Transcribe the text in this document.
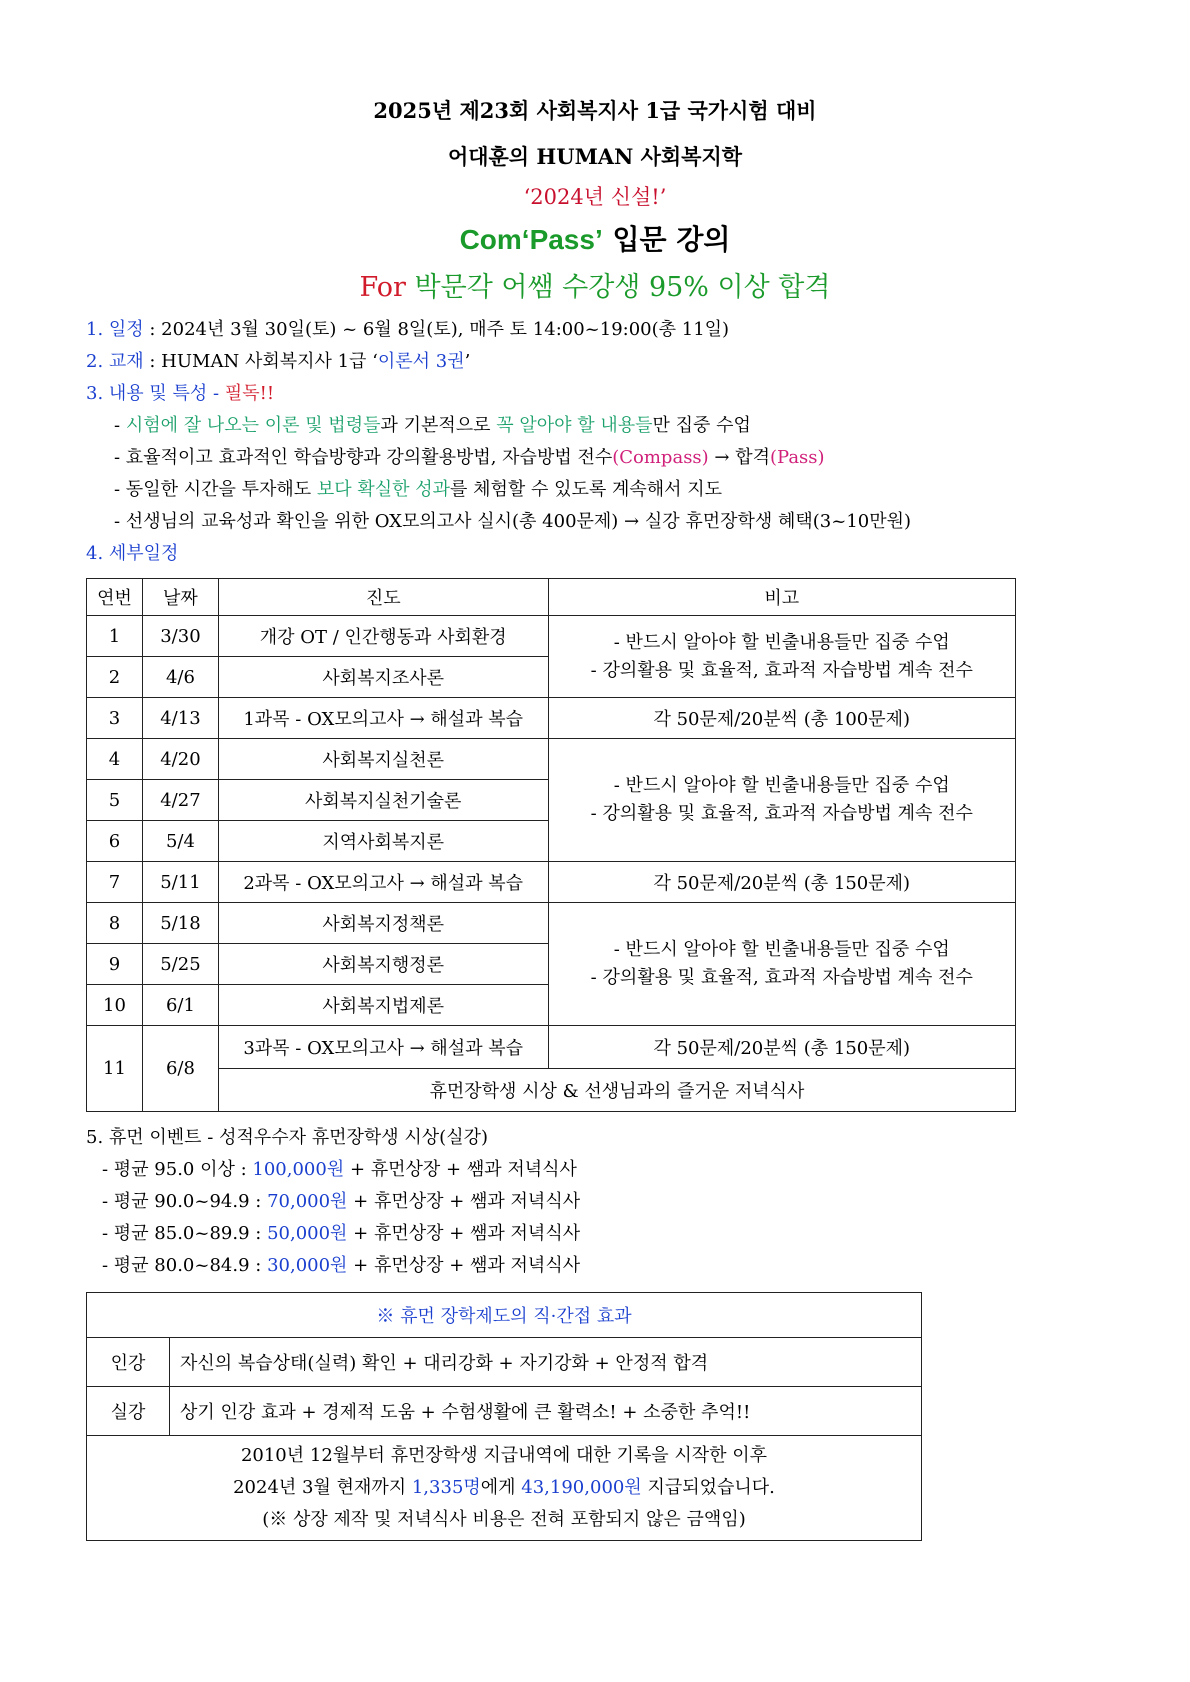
2025년 제23회 사회복지사 1급 국가시험 대비
어대훈의 HUMAN 사회복지학
‘2024년 신설!’
Com‘Pass’ 입문 강의
For 박문각 어쌤 수강생 95% 이상 합격
1. 일정 : 2024년 3월 30일(토) ~ 6월 8일(토), 매주 토 14:00~19:00(총 11일)
2. 교재 : HUMAN 사회복지사 1급 ‘이론서 3권’
3. 내용 및 특성 - 필독!!
- 시험에 잘 나오는 이론 및 법령들과 기본적으로 꼭 알아야 할 내용들만 집중 수업
- 효율적이고 효과적인 학습방향과 강의활용방법, 자습방법 전수(Compass) → 합격(Pass)
- 동일한 시간을 투자해도 보다 확실한 성과를 체험할 수 있도록 계속해서 지도
- 선생님의 교육성과 확인을 위한 OX모의고사 실시(총 400문제) → 실강 휴먼장학생 혜택(3~10만원)
4. 세부일정
연번	날짜	진도	비고
1	3/30	개강 OT / 인간행동과 사회환경	- 반드시 알아야 할 빈출내용들만 집중 수업
- 강의활용 및 효율적, 효과적 자습방법 계속 전수

2	4/6	사회복지조사론	
3	4/13	1과목 - OX모의고사 → 해설과 복습	각 50문제/20분씩 (총 100문제)
4	4/20	사회복지실천론	- 반드시 알아야 할 빈출내용들만 집중 수업
- 강의활용 및 효율적, 효과적 자습방법 계속 전수

5	4/27	사회복지실천기술론	
6	5/4	지역사회복지론	
7	5/11	2과목 - OX모의고사 → 해설과 복습	각 50문제/20분씩 (총 150문제)
8	5/18	사회복지정책론	- 반드시 알아야 할 빈출내용들만 집중 수업
- 강의활용 및 효율적, 효과적 자습방법 계속 전수

9	5/25	사회복지행정론	
10	6/1	사회복지법제론	
11	6/8	3과목 - OX모의고사 → 해설과 복습	각 50문제/20분씩 (총 150문제)
		휴먼장학생 시상 & 선생님과의 즐거운 저녁식사	
5. 휴먼 이벤트 - 성적우수자 휴먼장학생 시상(실강)
- 평균 95.0 이상 : 100,000원 + 휴먼상장 + 쌤과 저녁식사
- 평균 90.0~94.9 : 70,000원 + 휴먼상장 + 쌤과 저녁식사
- 평균 85.0~89.9 : 50,000원 + 휴먼상장 + 쌤과 저녁식사
- 평균 80.0~84.9 : 30,000원 + 휴먼상장 + 쌤과 저녁식사
※ 휴먼 장학제도의 직·간접 효과	
인강	자신의 복습상태(실력) 확인 + 대리강화 + 자기강화 + 안정적 합격
실강	상기 인강 효과 + 경제적 도움 + 수험생활에 큰 활력소! + 소중한 추억!!

2010년 12월부터 휴먼장학생 지급내역에 대한 기록을 시작한 이후
2024년 3월 현재까지 1,335명에게 43,190,000원 지급되었습니다.
(※ 상장 제작 및 저녁식사 비용은 전혀 포함되지 않은 금액임)	
